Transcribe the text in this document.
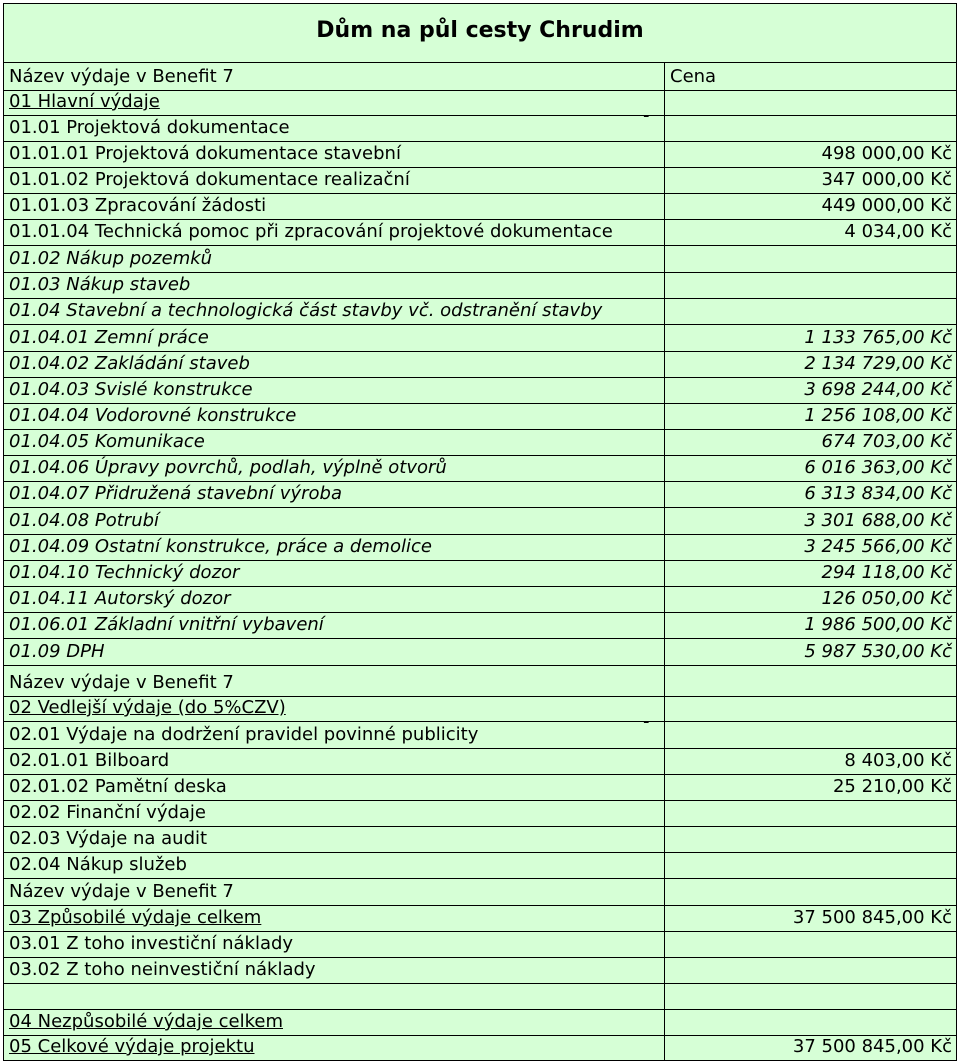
Dům na půl cesty Chrudim
Název výdaje v Benefit 7	Cena
01 Hlavní výdaje
-
01.01 Projektová dokumentace
01.01.01 Projektová dokumentace stavební	498 000,00 Kč
01.01.02 Projektová dokumentace realizační	347 000,00 Kč
01.01.03 Zpracování žádosti	449 000,00 Kč
01.01.04 Technická pomoc při zpracování projektové dokumentace	4 034,00 Kč
01.02 Nákup pozemků
01.03 Nákup staveb
01.04 Stavební a technologická část stavby vč. odstranění stavby
01.04.01 Zemní práce	1 133 765,00 Kč
01.04.02 Zakládání staveb	2 134 729,00 Kč
01.04.03 Svislé konstrukce	3 698 244,00 Kč
01.04.04 Vodorovné konstrukce	1 256 108,00 Kč
01.04.05 Komunikace	674 703,00 Kč
01.04.06 Úpravy povrchů, podlah, výplně otvorů	6 016 363,00 Kč
01.04.07 Přidružená stavební výroba	6 313 834,00 Kč
01.04.08 Potrubí	3 301 688,00 Kč
01.04.09 Ostatní konstrukce, práce a demolice	3 245 566,00 Kč
01.04.10 Technický dozor	294 118,00 Kč
01.04.11 Autorský dozor	126 050,00 Kč
01.06.01 Základní vnitřní vybavení	1 986 500,00 Kč
01.09 DPH	5 987 530,00 Kč
Název výdaje v Benefit 7
02 Vedlejší výdaje (do 5%CZV)
-
02.01 Výdaje na dodržení pravidel povinné publicity
02.01.01 Bilboard	8 403,00 Kč
02.01.02 Pamětní deska	25 210,00 Kč
02.02 Finanční výdaje
02.03 Výdaje na audit
02.04 Nákup služeb
Název výdaje v Benefit 7
03 Způsobilé výdaje celkem	37 500 845,00 Kč
03.01 Z toho investiční náklady
03.02 Z toho neinvestiční náklady
04 Nezpůsobilé výdaje celkem
05 Celkové výdaje projektu	37 500 845,00 Kč
